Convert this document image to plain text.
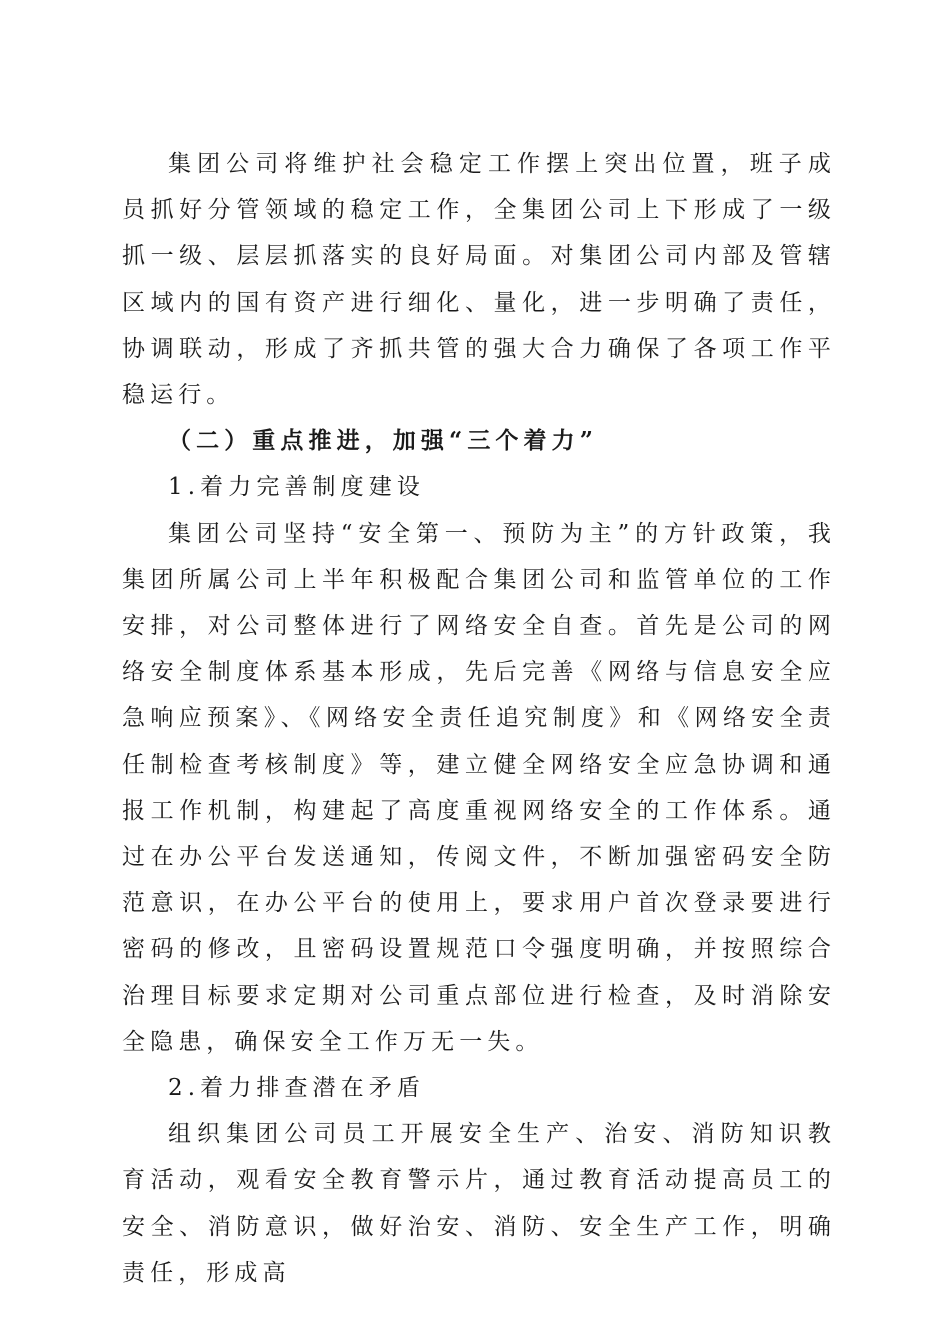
集团公司将维护社会稳定工作摆上突出位置，班子成员抓好分管领域的稳定工作，全集团公司上下形成了一级抓一级、层层抓落实的良好局面。对集团公司内部及管辖区域内的国有资产进行细化、量化，进一步明确了责任，协调联动，形成了齐抓共管的强大合力确保了各项工作平稳运行。

（二）重点推进，加强“三个着力”

1.着力完善制度建设

集团公司坚持“安全第一、预防为主”的方针政策，我集团所属公司上半年积极配合集团公司和监管单位的工作安排，对公司整体进行了网络安全自查。首先是公司的网络安全制度体系基本形成，先后完善《网络与信息安全应急响应预案》、《网络安全责任追究制度》和《网络安全责任制检查考核制度》等，建立健全网络安全应急协调和通报工作机制，构建起了高度重视网络安全的工作体系。通过在办公平台发送通知，传阅文件，不断加强密码安全防范意识，在办公平台的使用上，要求用户首次登录要进行密码的修改，且密码设置规范口令强度明确，并按照综合治理目标要求定期对公司重点部位进行检查，及时消除安全隐患，确保安全工作万无一失。

2.着力排查潜在矛盾

组织集团公司员工开展安全生产、治安、消防知识教育活动，观看安全教育警示片，通过教育活动提高员工的安全、消防意识，做好治安、消防、安全生产工作，明确责任，形成高
